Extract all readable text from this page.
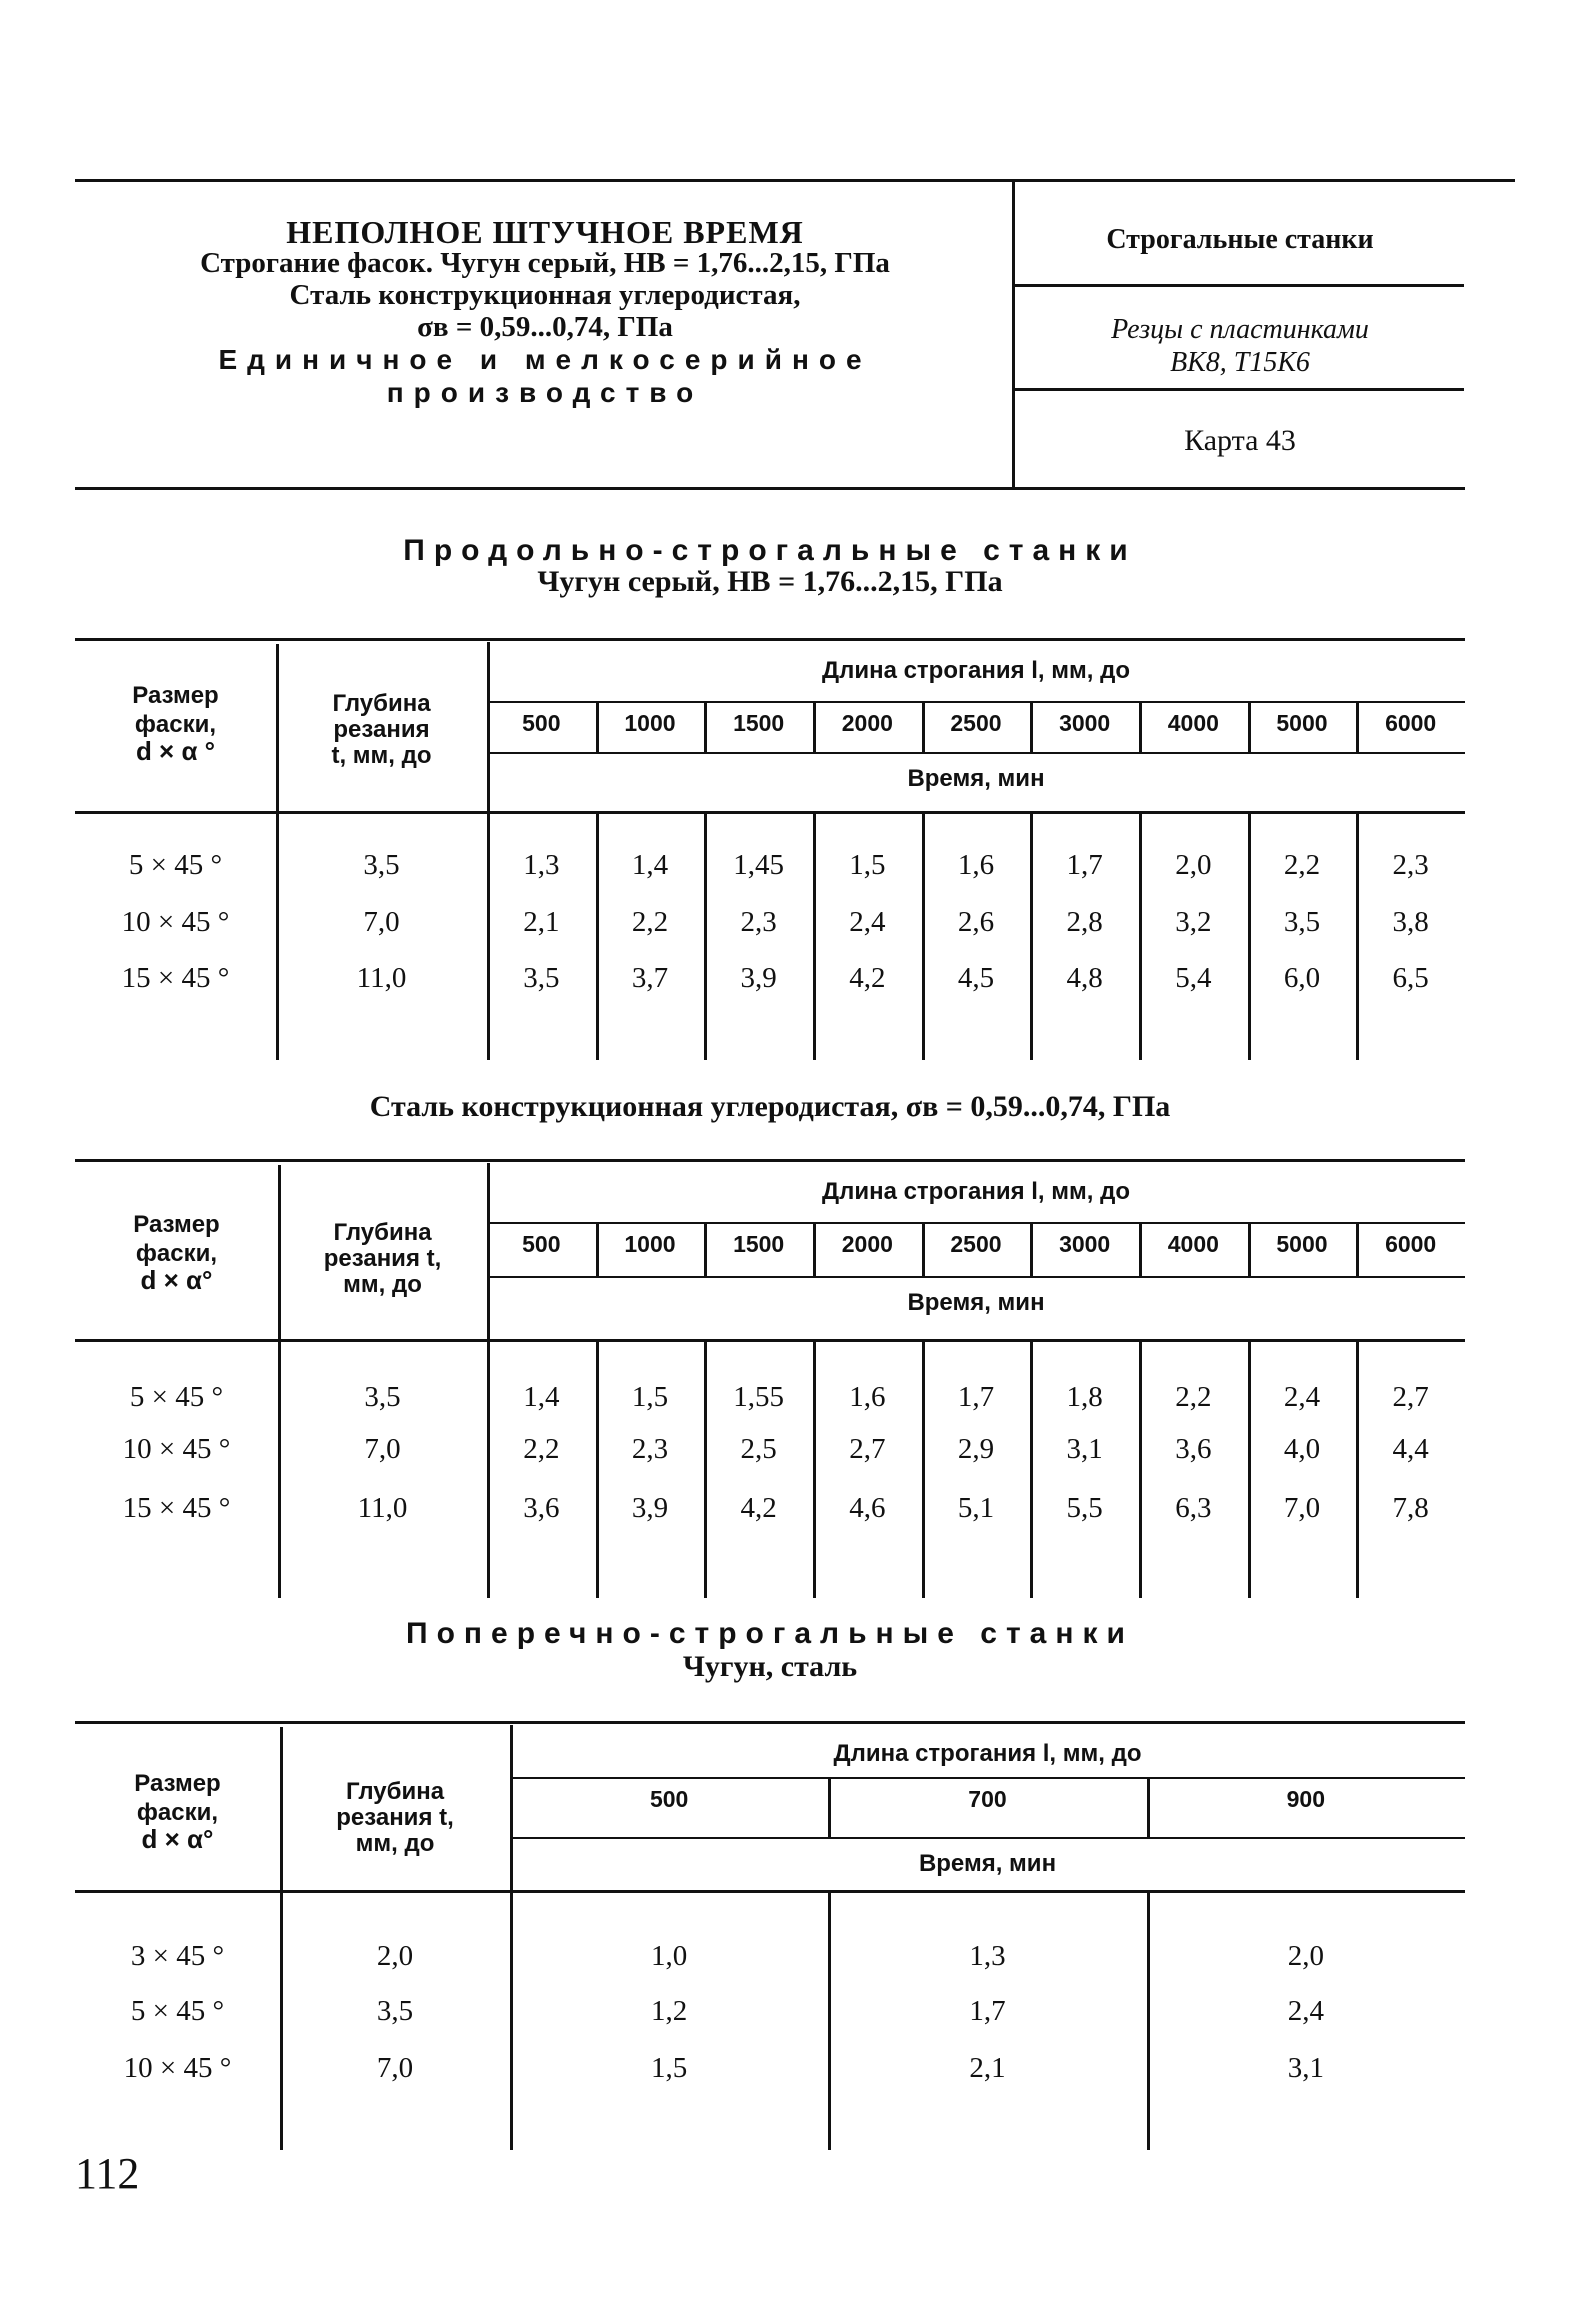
НЕПОЛНОЕ ШТУЧНОЕ ВРЕМЯ
Строгание фасок. Чугун серый, НВ = 1,76...2,15, ГПа
Сталь конструкционная углеродистая,
σв = 0,59...0,74, ГПа
Единичное и мелкосерийное
производство
Строгальные станки
Резцы с пластинками
ВК8, Т15К6
Карта 43
Продольно-строгальные станки
Чугун серый, НВ = 1,76...2,15, ГПа
Размер
фаски,
d × α °
Глубина
резания
t, мм, до
Длина строгания l, мм, до
Время, мин
500	1000	1500	2000	2500	3000	4000	5000	6000
5 × 45 °	3,5	1,3	1,4	1,45	1,5	1,6	1,7	2,0	2,2	2,3
10 × 45 °	7,0	2,1	2,2	2,3	2,4	2,6	2,8	3,2	3,5	3,8
15 × 45 °	11,0	3,5	3,7	3,9	4,2	4,5	4,8	5,4	6,0	6,5
Сталь конструкционная углеродистая, σв = 0,59...0,74, ГПа
Размер
фаски,
d × α°
Глубина
резания t,
мм, до
Длина строгания l, мм, до
Время, мин
500	1000	1500	2000	2500	3000	4000	5000	6000
5 × 45 °	3,5	1,4	1,5	1,55	1,6	1,7	1,8	2,2	2,4	2,7
10 × 45 °	7,0	2,2	2,3	2,5	2,7	2,9	3,1	3,6	4,0	4,4
15 × 45 °	11,0	3,6	3,9	4,2	4,6	5,1	5,5	6,3	7,0	7,8
Поперечно-строгальные станки
Чугун, сталь
Размер
фаски,
d × α°
Глубина
резания t,
мм, до
Длина строгания l, мм, до
Время, мин
500	700	900
3 × 45 °	2,0	1,0	1,3	2,0
5 × 45 °	3,5	1,2	1,7	2,4
10 × 45 °	7,0	1,5	2,1	3,1
112
